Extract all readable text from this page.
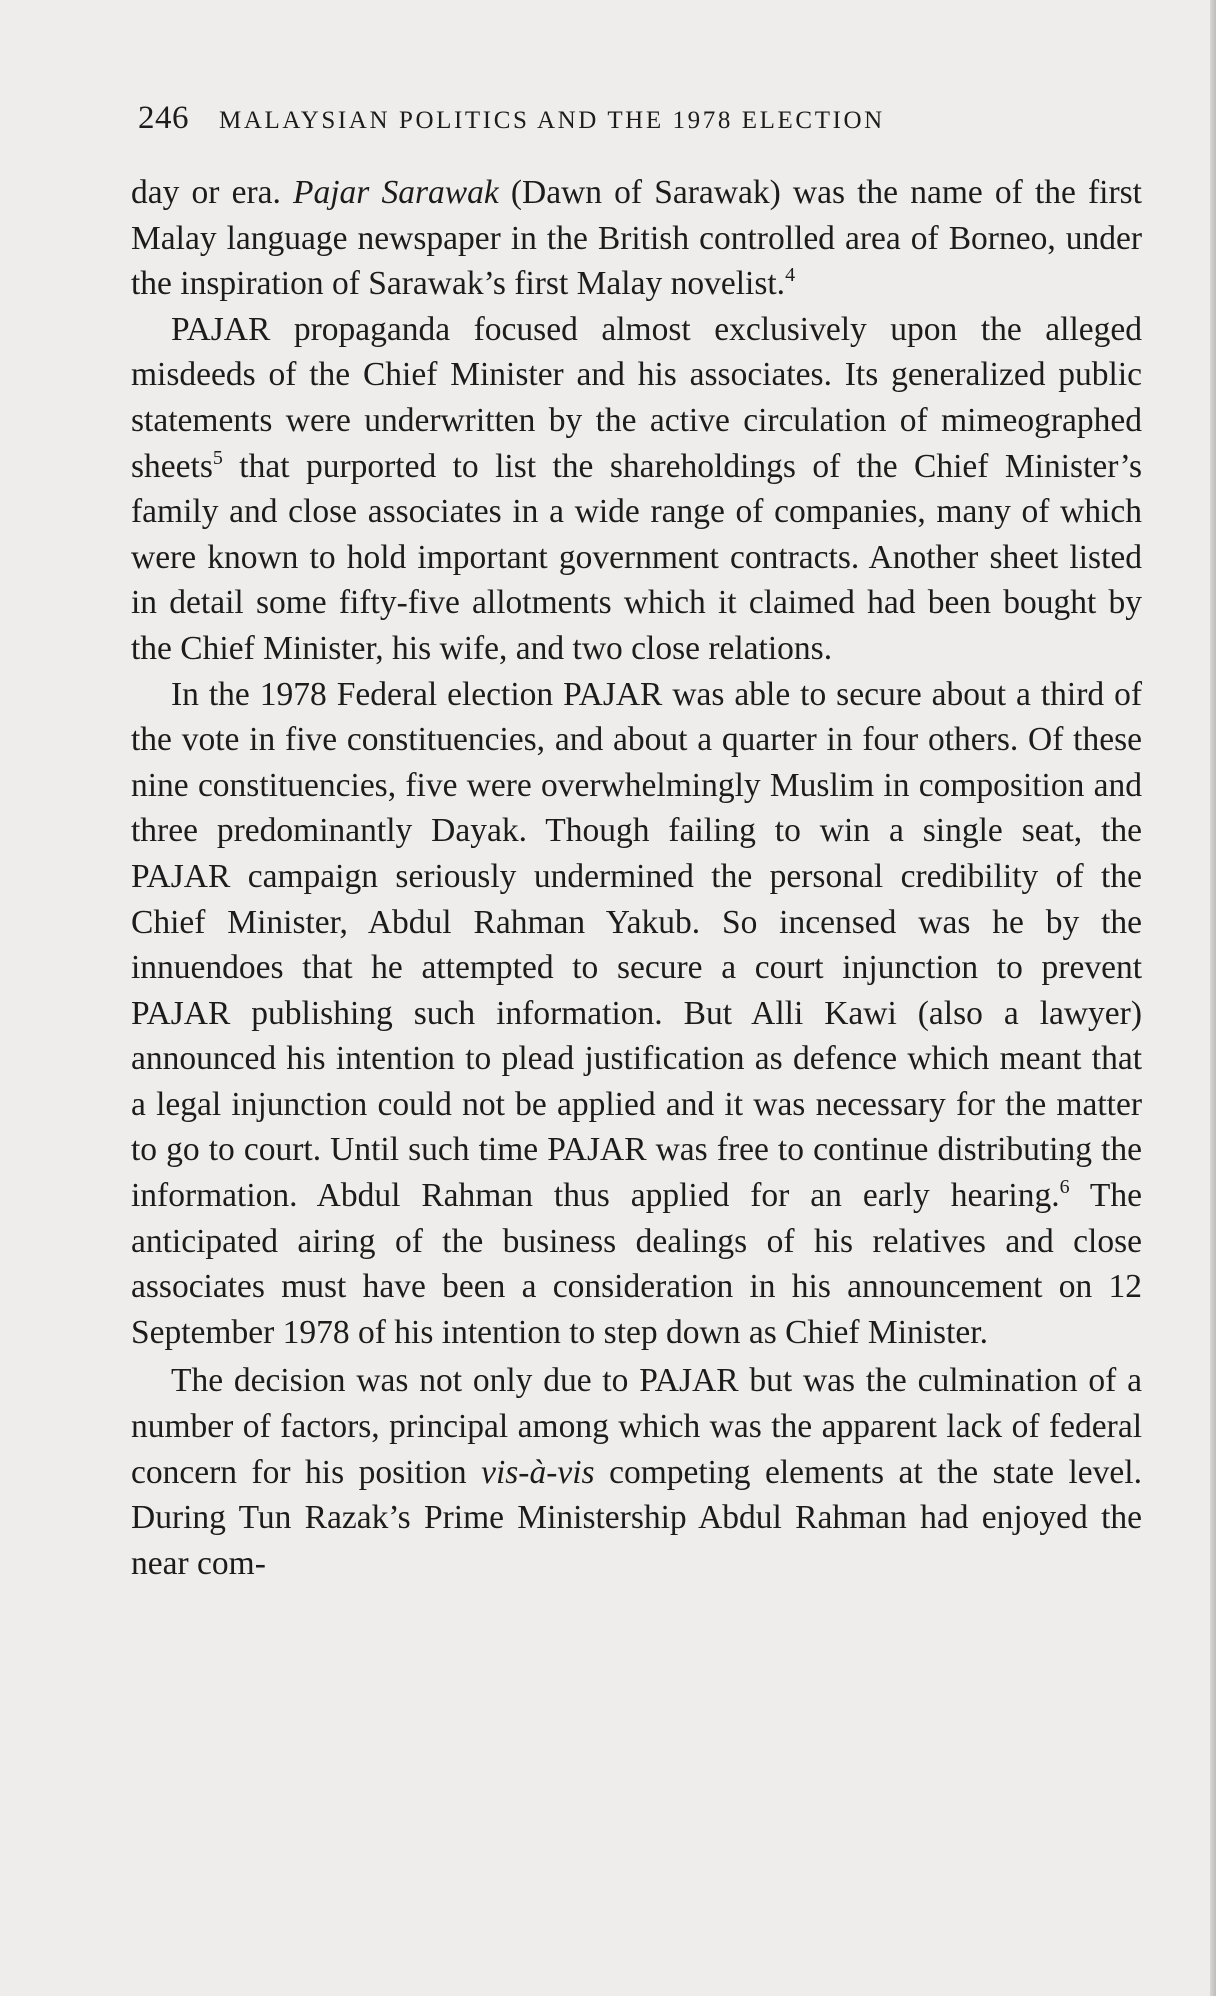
246 MALAYSIAN POLITICS AND THE 1978 ELECTION

day or era. Pajar Sarawak (Dawn of Sarawak) was the name of the first Malay language newspaper in the British controlled area of Borneo, under the inspiration of Sarawak’s first Malay novelist.$^4$

PAJAR propaganda focused almost exclusively upon the alleged misdeeds of the Chief Minister and his associates. Its generalized public statements were underwritten by the active circulation of mimeographed sheets$^5$ that purported to list the shareholdings of the Chief Minister’s family and close associates in a wide range of companies, many of which were known to hold important government contracts. Another sheet listed in detail some fifty-five allotments which it claimed had been bought by the Chief Minister, his wife, and two close relations.

In the 1978 Federal election PAJAR was able to secure about a third of the vote in five constituencies, and about a quarter in four others. Of these nine constituencies, five were overwhelmingly Muslim in composition and three predominantly Dayak. Though failing to win a single seat, the PAJAR campaign seriously undermined the personal credibility of the Chief Minister, Abdul Rahman Yakub. So incensed was he by the innuendoes that he attempted to secure a court injunction to prevent PAJAR publishing such information. But Alli Kawi (also a lawyer) announced his intention to plead justification as defence which meant that a legal injunction could not be applied and it was necessary for the matter to go to court. Until such time PAJAR was free to continue distributing the information. Abdul Rahman thus applied for an early hearing.$^6$ The anticipated airing of the business dealings of his relatives and close associates must have been a consideration in his announcement on 12 September 1978 of his intention to step down as Chief Minister.

The decision was not only due to PAJAR but was the culmination of a number of factors, principal among which was the apparent lack of federal concern for his position vis-à-vis competing elements at the state level. During Tun Razak’s Prime Ministership Abdul Rahman had enjoyed the near com-
